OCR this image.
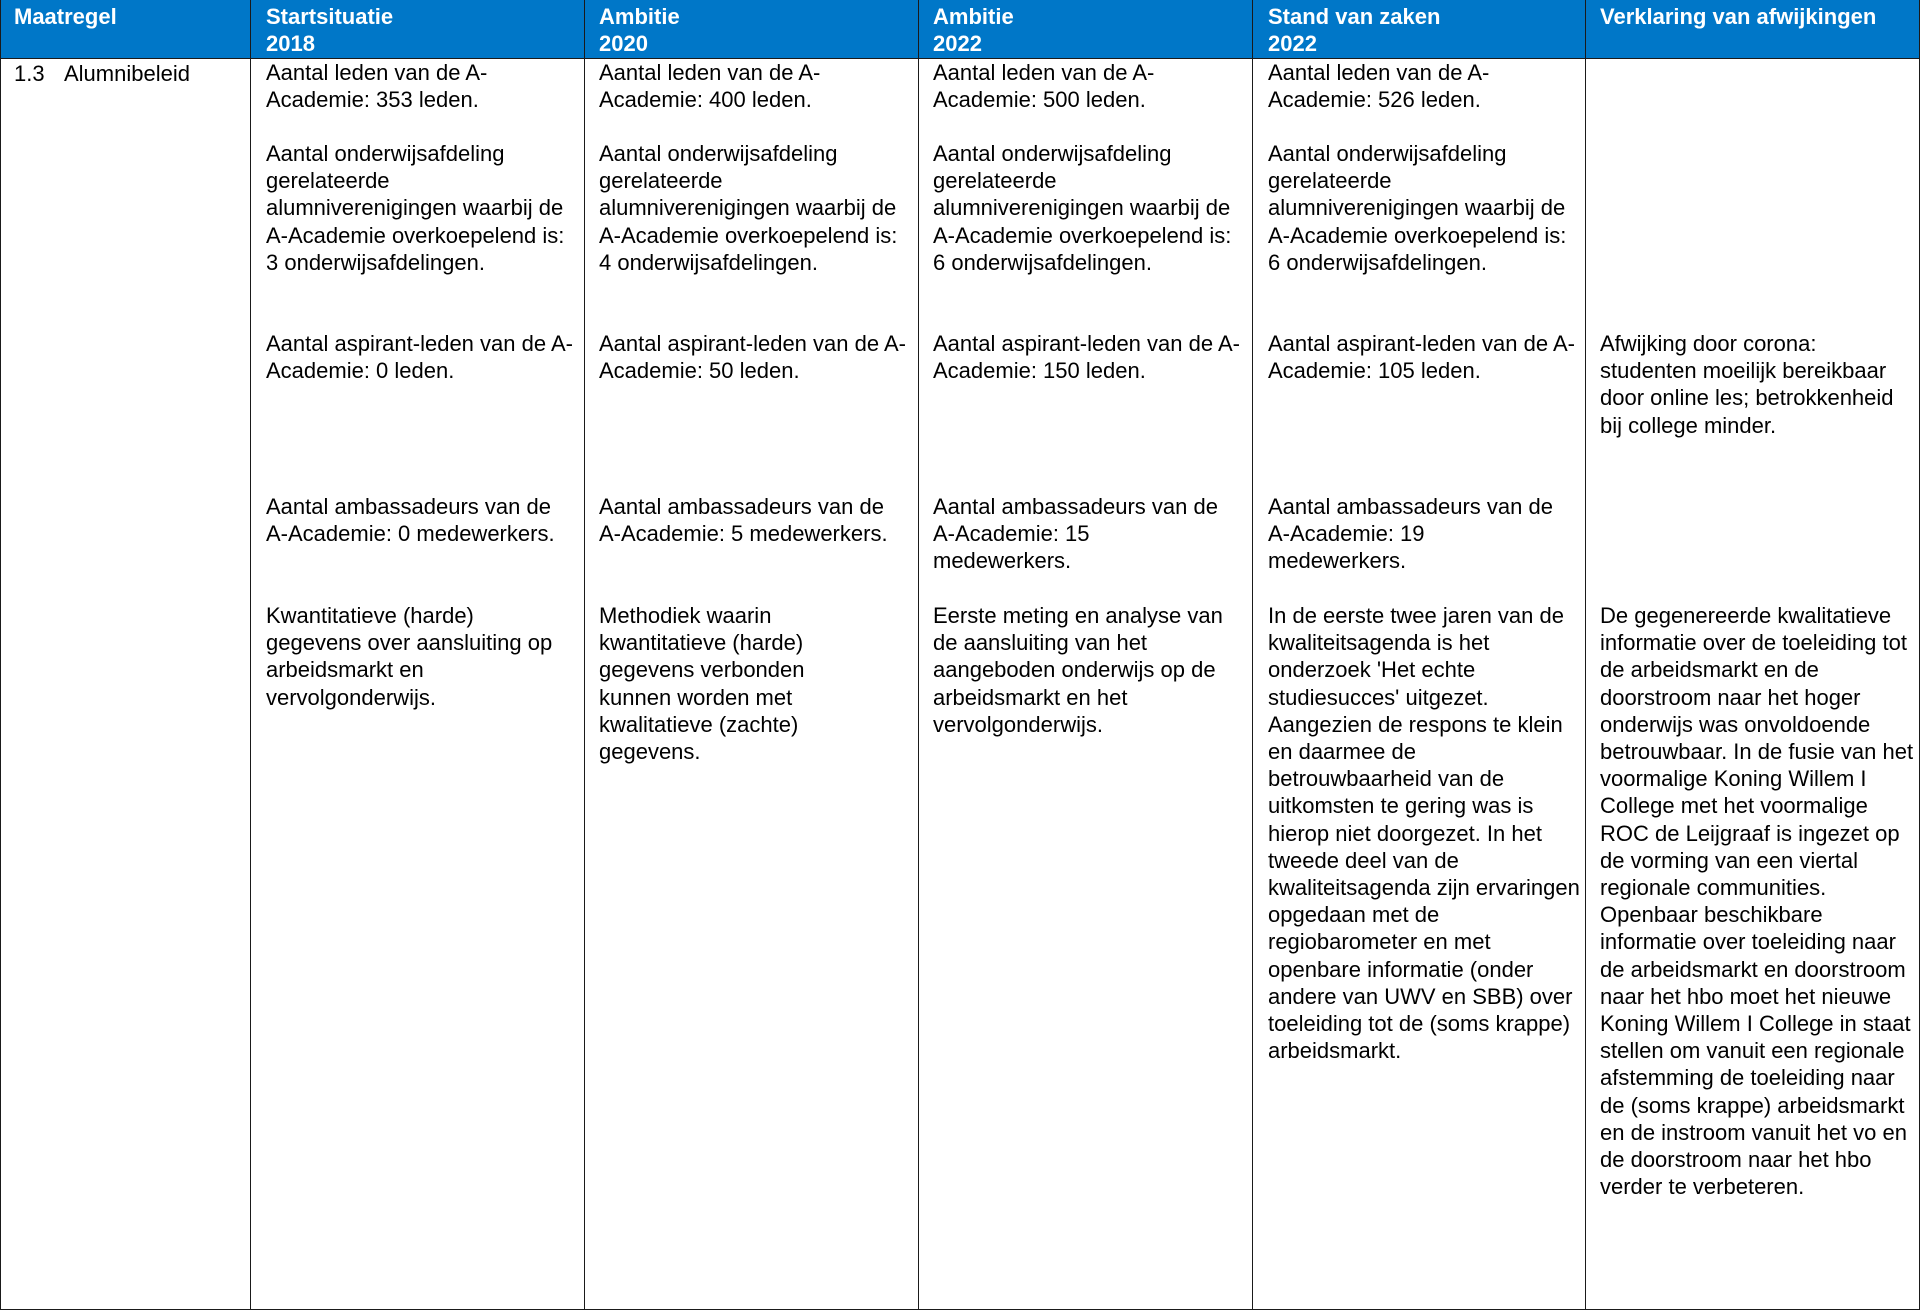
Maatregel	Startsituatie
2018
Ambitie
2020
Ambitie
2022
Stand van zaken
2022
Verklaring van afwijkingen
1.3 Alumnibeleid	Aantal leden van de A-Academie: 353 leden.
Aantal onderwijsafdeling gerelateerde alumniverenigingen waarbij de A-Academie overkoepelend is: 3 onderwijsafdelingen.
Aantal aspirant-leden van de A-Academie: 0 leden.
Aantal ambassadeurs van de A-Academie: 0 medewerkers.
Kwantitatieve (harde) gegevens over aansluiting op arbeidsmarkt en vervolgonderwijs.
Aantal leden van de A-Academie: 400 leden.
Aantal onderwijsafdeling gerelateerde alumniverenigingen waarbij de A-Academie overkoepelend is: 4 onderwijsafdelingen.
Aantal aspirant-leden van de A-Academie: 50 leden.
Aantal ambassadeurs van de A-Academie: 5 medewerkers.
Methodiek waarin kwantitatieve (harde) gegevens verbonden kunnen worden met kwalitatieve (zachte) gegevens.
Aantal leden van de A-Academie: 500 leden.
Aantal onderwijsafdeling gerelateerde alumniverenigingen waarbij de A-Academie overkoepelend is: 6 onderwijsafdelingen.
Aantal aspirant-leden van de A-Academie: 150 leden.
Aantal ambassadeurs van de A-Academie: 15 medewerkers.
Eerste meting en analyse van de aansluiting van het aangeboden onderwijs op de arbeidsmarkt en het vervolgonderwijs.
Aantal leden van de A-Academie: 526 leden.
Aantal onderwijsafdeling gerelateerde alumniverenigingen waarbij de A-Academie overkoepelend is: 6 onderwijsafdelingen.
Aantal aspirant-leden van de A-Academie: 105 leden.
Aantal ambassadeurs van de A-Academie: 19 medewerkers.
In de eerste twee jaren van de kwaliteitsagenda is het onderzoek 'Het echte studiesucces' uitgezet. Aangezien de respons te klein en daarmee de betrouwbaarheid van de uitkomsten te gering was is hierop niet doorgezet. In het tweede deel van de kwaliteitsagenda zijn ervaringen opgedaan met de regiobarometer en met openbare informatie (onder andere van UWV en SBB) over toeleiding tot de (soms krappe) arbeidsmarkt.
Afwijking door corona: studenten moeilijk bereikbaar door online les; betrokkenheid bij college minder.
De gegenereerde kwalitatieve informatie over de toeleiding tot de arbeidsmarkt en de doorstroom naar het hoger onderwijs was onvoldoende betrouwbaar. In de fusie van het voormalige Koning Willem I College met het voormalige ROC de Leijgraaf is ingezet op de vorming van een viertal regionale communities. Openbaar beschikbare informatie over toeleiding naar de arbeidsmarkt en doorstroom naar het hbo moet het nieuwe Koning Willem I College in staat stellen om vanuit een regionale afstemming de toeleiding naar de (soms krappe) arbeidsmarkt en de instroom vanuit het vo en de doorstroom naar het hbo verder te verbeteren.
